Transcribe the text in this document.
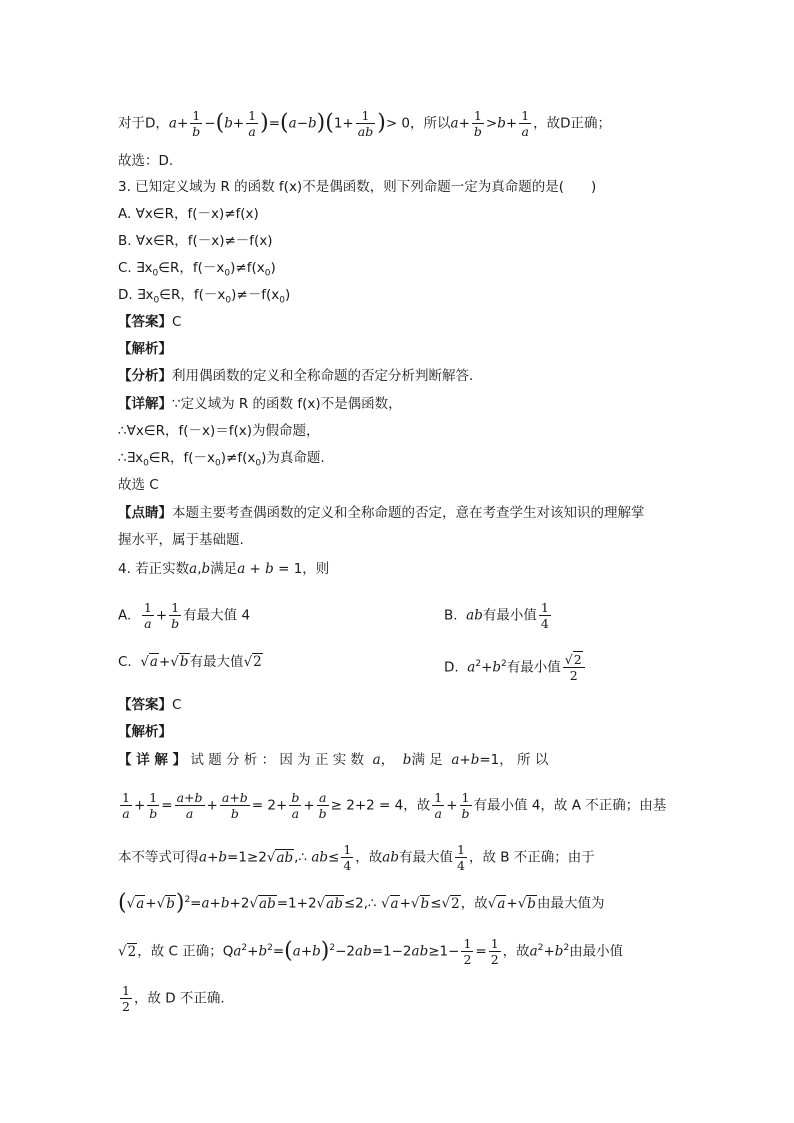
对于D，$a+ \frac{1}{b} -(b+ \frac{1}{a} )=(a-b)(1+ \frac{1}{ab}$ )> 0，所以$a+ \frac{1}{b} >b+ \frac{1}{a}$ ，故D正确；
故选：D.
3. 已知定义域为 R 的函数 f(x)不是偶函数，则下列命题一定为真命题的是(　　)
A. ∀x∈R，f(－x)≠f(x)
B. ∀x∈R，f(－x)≠－f(x)
C. $\exists x_0\in R$，$f(-x_0)\ne f(x_0)$
D. $\exists x_0\in R$，$f(-x_0)\ne-f(x_0)$
【答案】C
【解析】
【分析】利用偶函数的定义和全称命题的否定分析判断解答.
【详解】∵定义域为 R 的函数 f(x)不是偶函数，
∴∀x∈R，f(－x)＝f(x)为假命题，
$\therefore\exists x_0\in R$，$f(-x_0)\ne f(x_0)$为真命题.
故选 C
【点睛】本题主要考查偶函数的定义和全称命题的否定，意在考查学生对该知识的理解掌
握水平，属于基础题.
4. 若正实数a,b满足a + b = 1，则
A. $\frac{1}{a} + \frac{1}{b}$ 有最大值 4	B. ab有最小值 $\frac{1}{4}$
C. √a+√b有最大值√2	D. $a^2+b^2$有最小值 $\frac{√2}{2}$
【答案】C
【解析】
【 详 解 】 试 题 分 析 ： 因 为 正 实 数 a，  b满 足 a+b=1， 所 以
$\frac{1}{a} + \frac{1}{b} = \frac{a+b}{a} + \frac{a+b}{b} = 2+ \frac{b}{a} + \frac{a}{b} \ge 2+2 = 4$，故 $\frac{1}{a} + \frac{1}{b}$ 有最小值 4，故 A 不正确；由基
本不等式可得a+b=1≥2√ab,∴ $ab\le \frac{1}{4}$ ，故ab有最大值 $\frac{1}{4}$ ，故 B 不正确；由于
$(√a+√b)^2=a+b+2√ab=1+2√ab\le 2,\therefore$ √a+√b≤√2，故√a+√b由最大值为
√2，故 C 正确；$Qa^2+b^2=(a+b)^2-2ab=1-2ab\ge 1- \frac{1}{2} = \frac{1}{2}$ ，故$a^2+b^2$由最小值
$\frac{1}{2}$ ，故 D 不正确.
